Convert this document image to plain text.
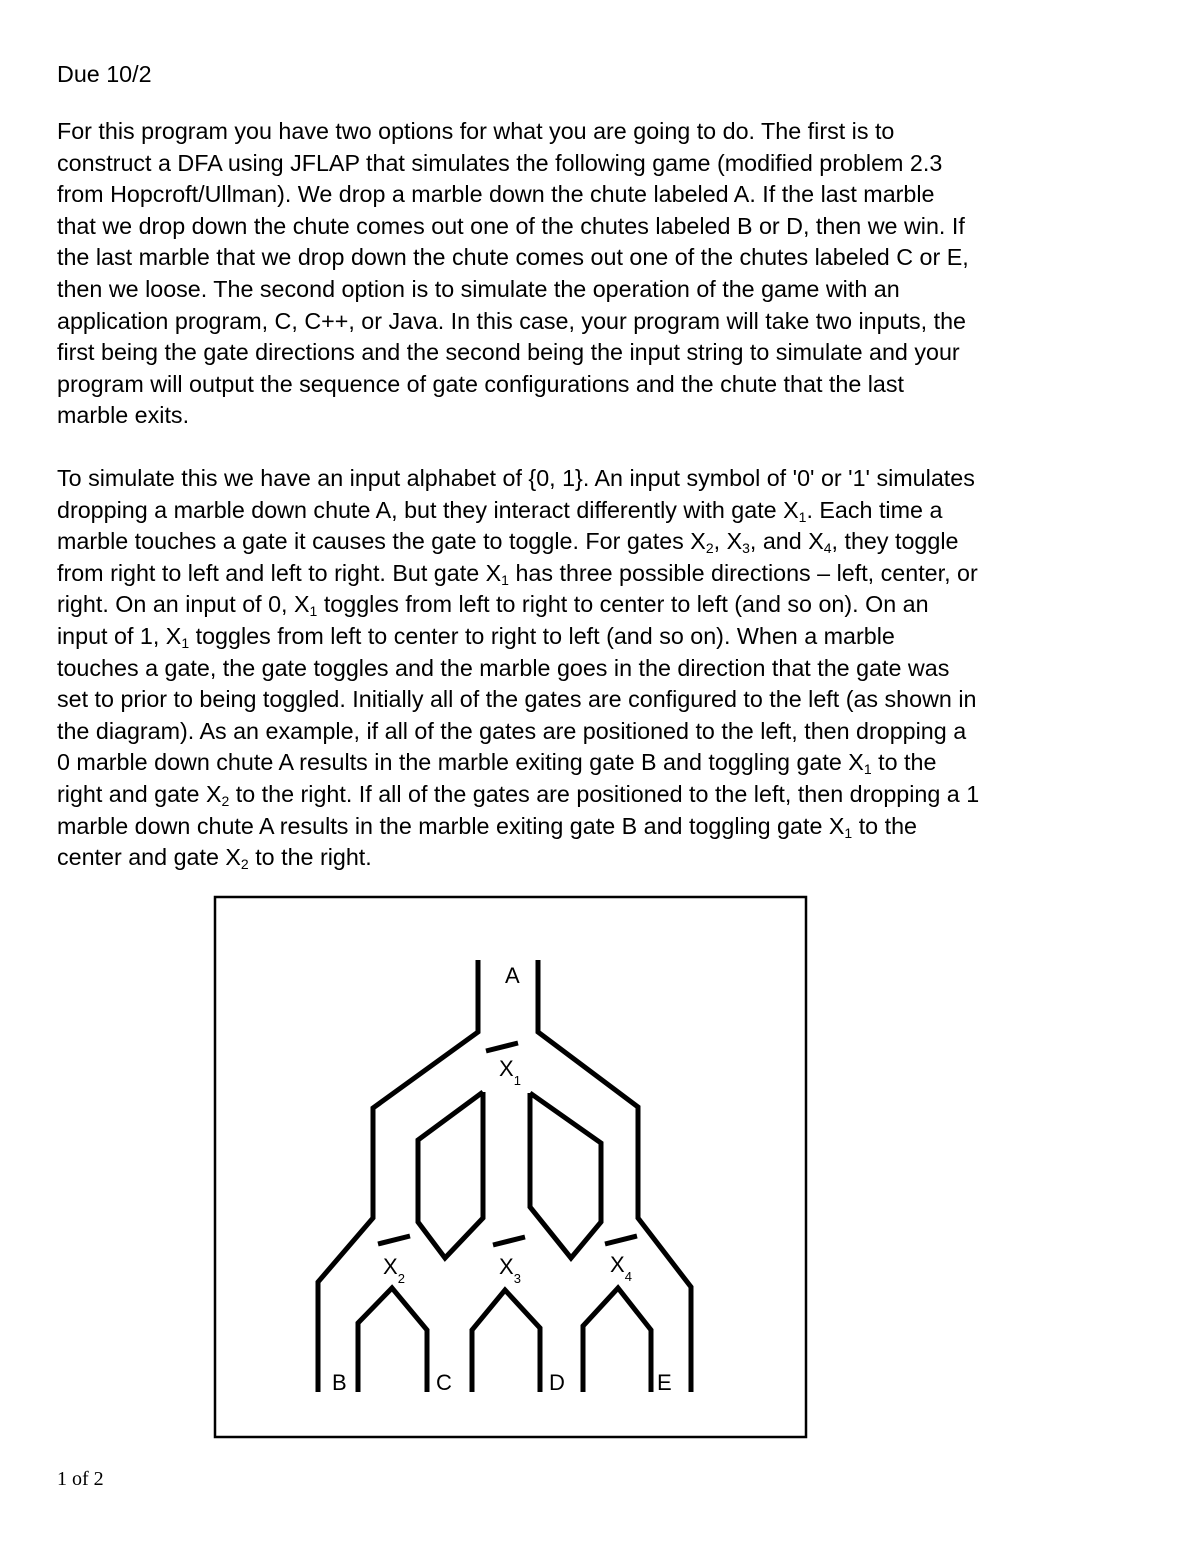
Due 10/2
For this program you have two options for what you are going to do. The first is to
construct a DFA using JFLAP that simulates the following game (modified problem 2.3
from Hopcroft/Ullman). We drop a marble down the chute labeled A. If the last marble
that we drop down the chute comes out one of the chutes labeled B or D, then we win. If
the last marble that we drop down the chute comes out one of the chutes labeled C or E,
then we loose. The second option is to simulate the operation of the game with an
application program, C, C++, or Java. In this case, your program will take two inputs, the
first being the gate directions and the second being the input string to simulate and your
program will output the sequence of gate configurations and the chute that the last
marble exits.
To simulate this we have an input alphabet of {0, 1}. An input symbol of '0' or '1' simulates
dropping a marble down chute A, but they interact differently with gate $X_1$. Each time a
marble touches a gate it causes the gate to toggle. For gates $X_2$, $X_3$, and $X_4$, they toggle
from right to left and left to right. But gate $X_1$ has three possible directions – left, center, or
right. On an input of 0, $X_1$ toggles from left to right to center to left (and so on). On an
input of 1, $X_1$ toggles from left to center to right to left (and so on). When a marble
touches a gate, the gate toggles and the marble goes in the direction that the gate was
set to prior to being toggled. Initially all of the gates are configured to the left (as shown in
the diagram). As an example, if all of the gates are positioned to the left, then dropping a
0 marble down chute A results in the marble exiting gate B and toggling gate $X_1$ to the
right and gate $X_2$ to the right. If all of the gates are positioned to the left, then dropping a 1
marble down chute A results in the marble exiting gate B and toggling gate $X_1$ to the
center and gate $X_2$ to the right.
A
$X_1$
$X_2$	$X_3$
$X_4$
B	C	D	E
1 of 2
